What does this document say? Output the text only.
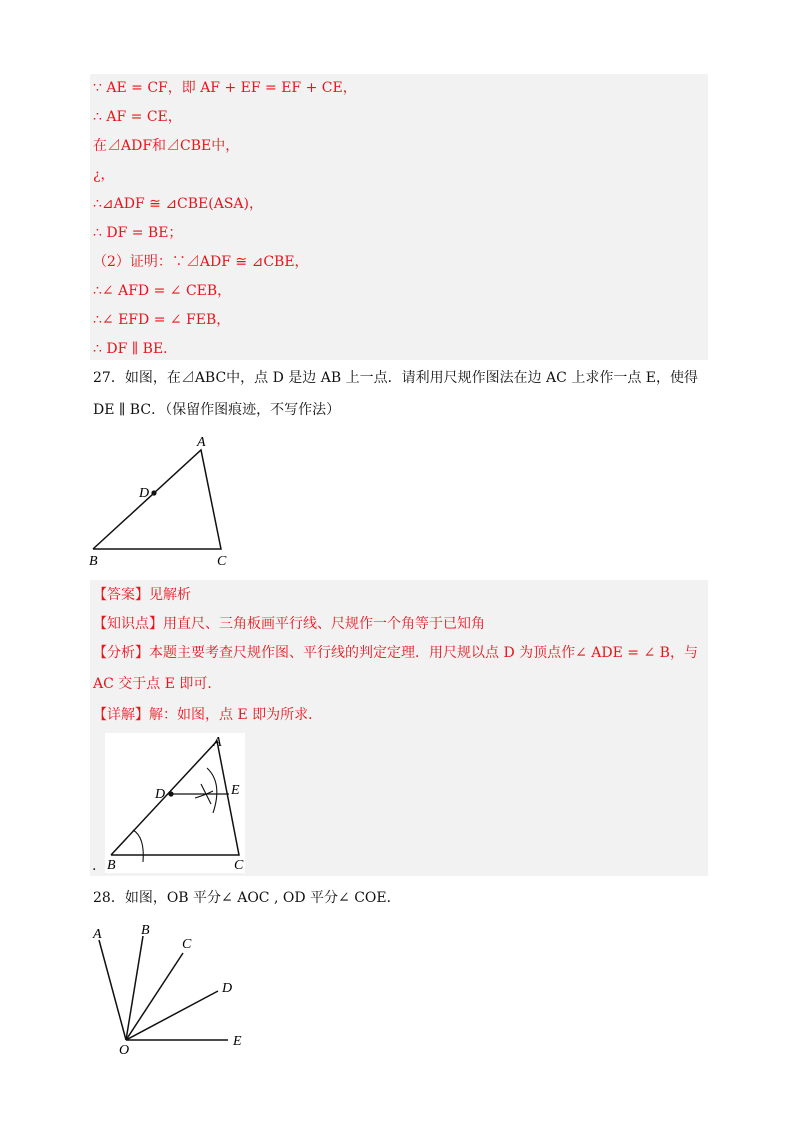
∵ AE = CF，即 AF + EF = EF + CE，
∴ AF = CE，
在⊿ADF和⊿CBE中，
¿，
∴⊿ADF ≅ ⊿CBE(ASA)，
∴ DF = BE；
（2）证明：∵⊿ADF ≅ ⊿CBE，
∴∠ AFD = ∠ CEB，
∴∠ EFD = ∠ FEB，
∴ DF ∥ BE．
27．如图，在⊿ABC中，点 D 是边 AB 上一点．请利用尺规作图法在边 AC 上求作一点 E，使得
DE ∥ BC．（保留作图痕迹，不写作法）
A
B	C
D
【答案】见解析
【知识点】用直尺、三角板画平行线、尺规作一个角等于已知角
【分析】本题主要考查尺规作图、平行线的判定定理．用尺规以点 D 为顶点作∠ ADE = ∠ B，与
AC 交于点 E 即可．
【详解】解：如图，点 E 即为所求．
.
A
B	C
D	E
28．如图，OB 平分∠ AOC , OD 平分∠ COE．
A	B
C
D
E
O
